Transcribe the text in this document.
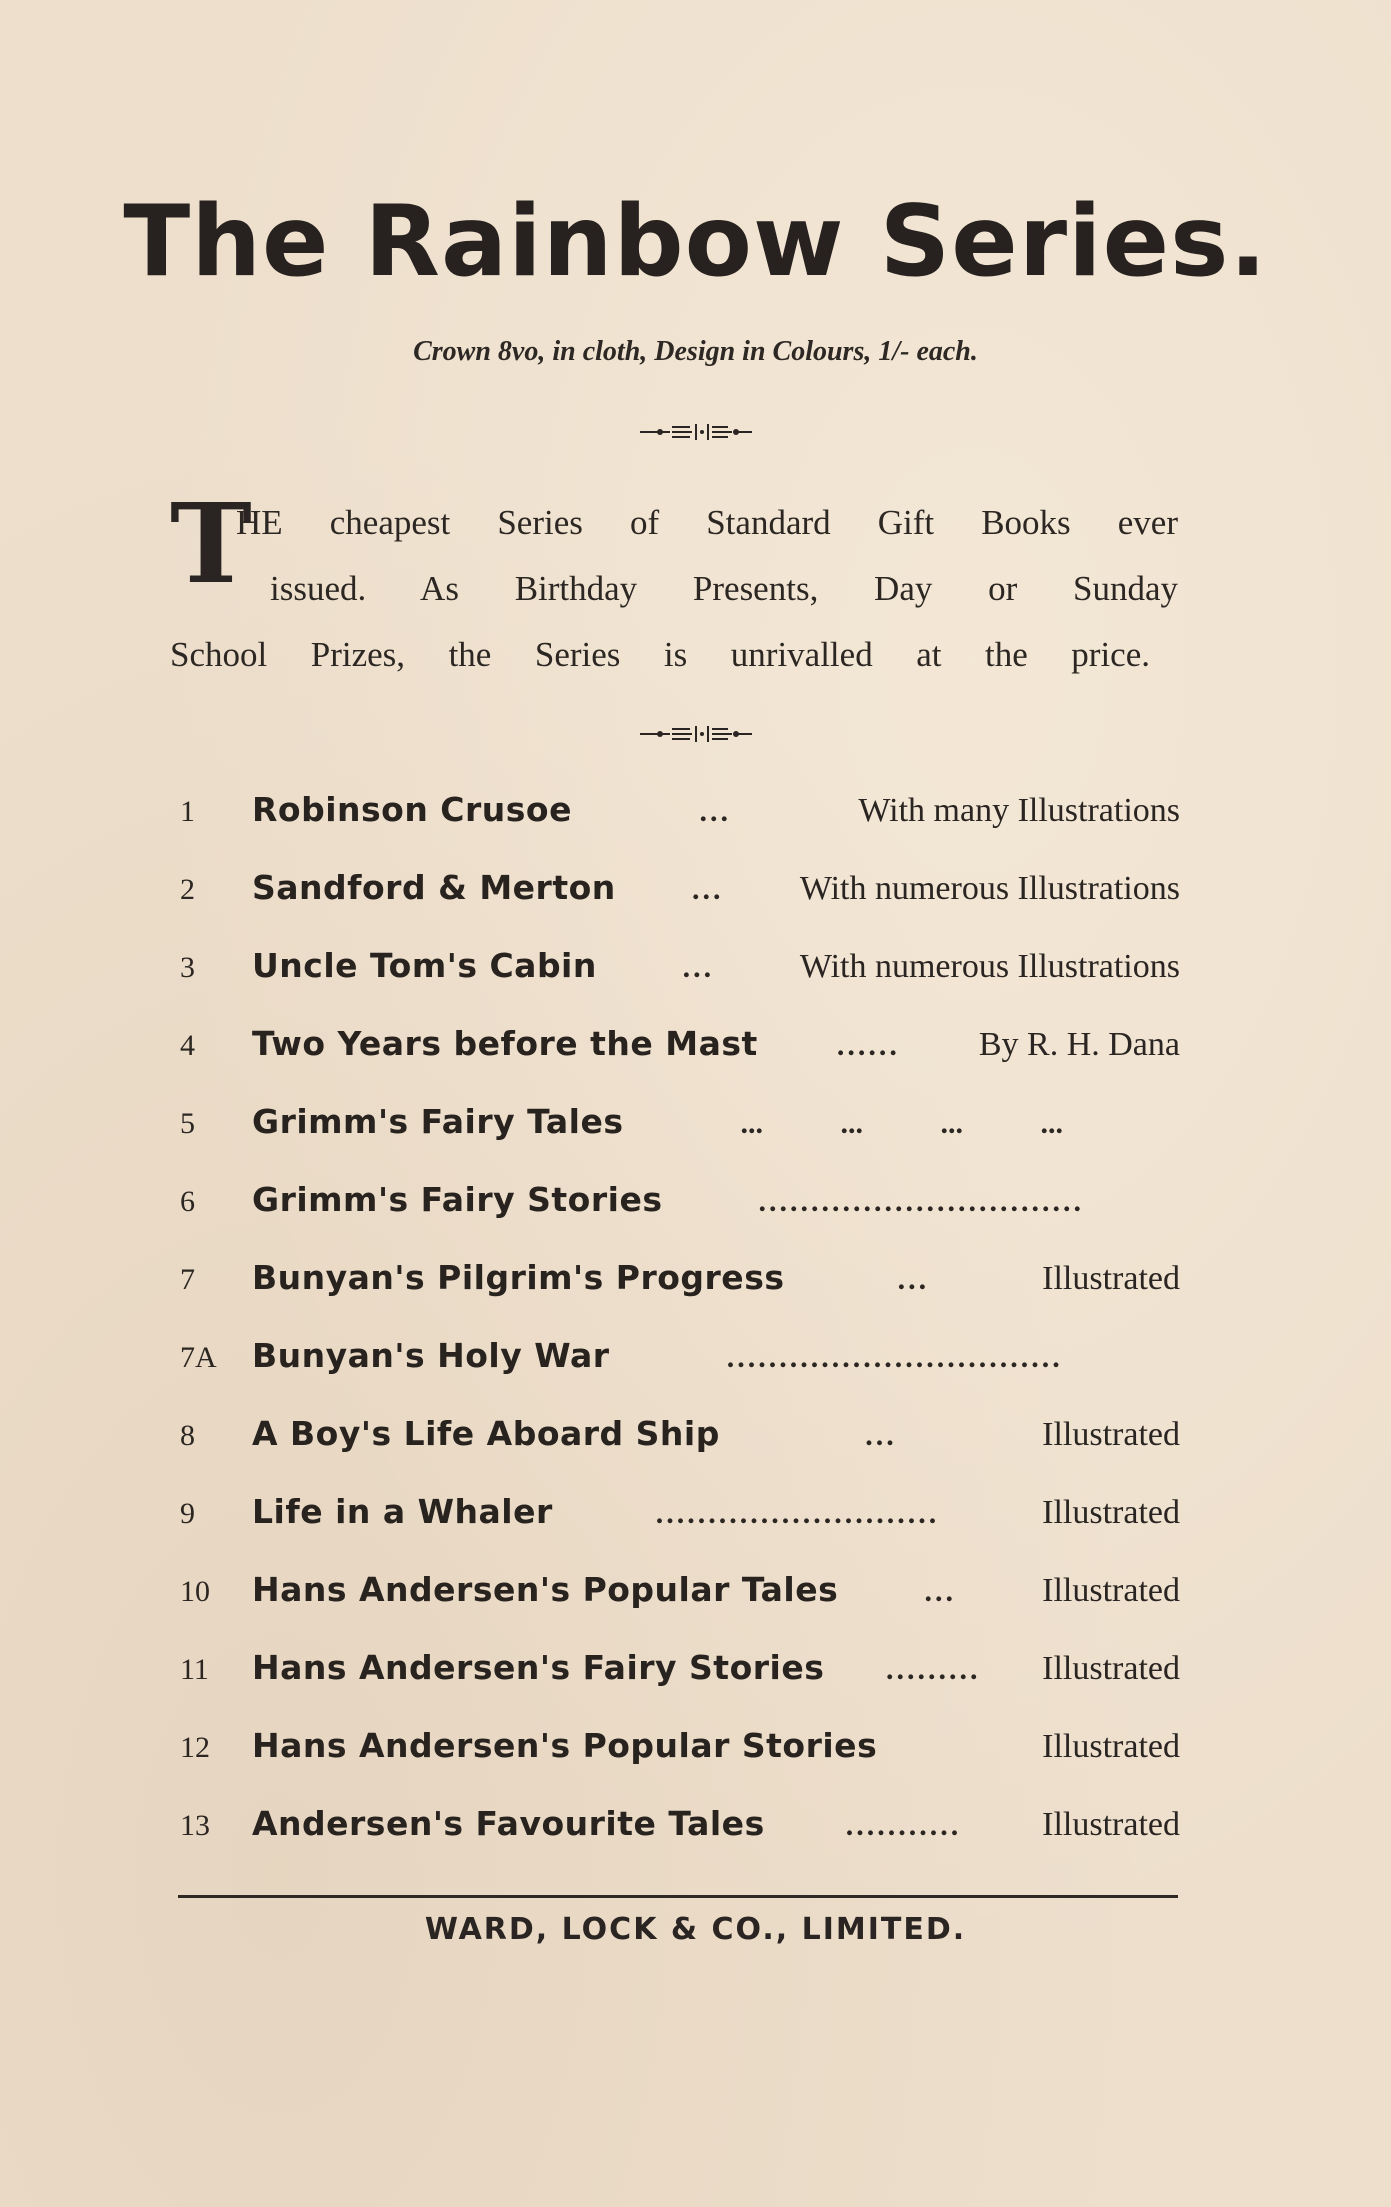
The Rainbow Series.
Crown 8vo, in cloth, Design in Colours, 1/- each.
T
HE cheapest Series of Standard Gift Books ever
issued. As Birthday Presents, Day or Sunday
School Prizes, the Series is unrivalled at the price.
1	Robinson Crusoe	...	With many Illustrations
2	Sandford & Merton	...	With numerous Illustrations
3	Uncle Tom's Cabin	...	With numerous Illustrations
4	Two Years before the Mast	......	By R. H. Dana
5	Grimm's Fairy Tales	... ... ... ...
6	Grimm's Fairy Stories	...............................
7	Bunyan's Pilgrim's Progress	...	Illustrated
7A	Bunyan's Holy War	................................
8	A Boy's Life Aboard Ship	...	Illustrated
9	Life in a Whaler	...........................	Illustrated
10	Hans Andersen's Popular Tales	...	Illustrated
11	Hans Andersen's Fairy Stories	.........	Illustrated
12	Hans Andersen's Popular Stories	Illustrated
13	Andersen's Favourite Tales	...........	Illustrated
WARD, LOCK & CO., LIMITED.
